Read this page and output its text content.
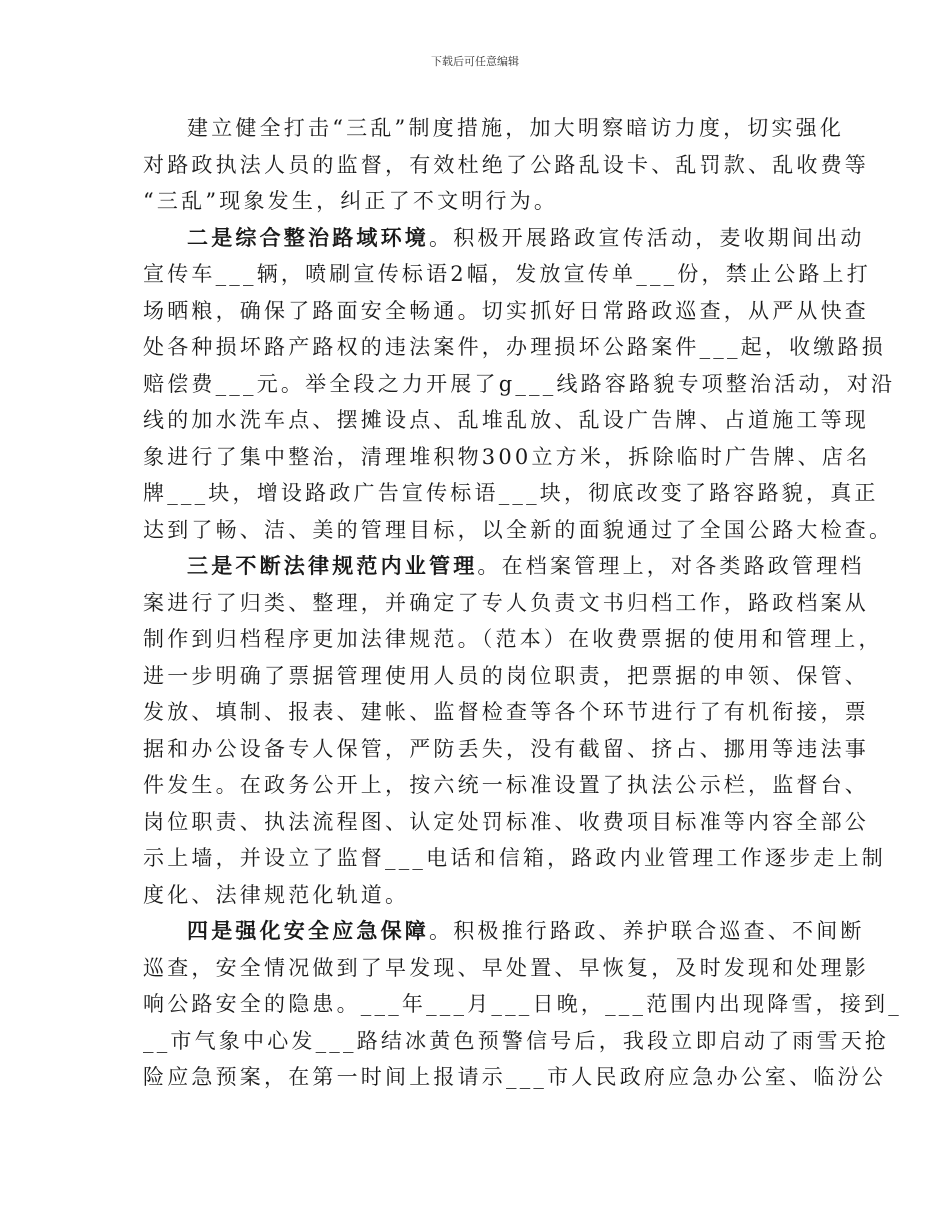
下载后可任意编辑
建立健全打击“三乱”制度措施，加大明察暗访力度，切实强化
对路政执法人员的监督，有效杜绝了公路乱设卡、乱罚款、乱收费等
“三乱”现象发生，纠正了不文明行为。
二是综合整治路域环境。积极开展路政宣传活动，麦收期间出动
宣传车___辆，喷刷宣传标语2幅，发放宣传单___份，禁止公路上打
场晒粮，确保了路面安全畅通。切实抓好日常路政巡查，从严从快查
处各种损坏路产路权的违法案件，办理损坏公路案件___起，收缴路损
赔偿费___元。举全段之力开展了g___线路容路貌专项整治活动，对沿
线的加水洗车点、摆摊设点、乱堆乱放、乱设广告牌、占道施工等现
象进行了集中整治，清理堆积物300立方米，拆除临时广告牌、店名
牌___块，增设路政广告宣传标语___块，彻底改变了路容路貌，真正
达到了畅、洁、美的管理目标，以全新的面貌通过了全国公路大检查。
三是不断法律规范内业管理。在档案管理上，对各类路政管理档
案进行了归类、整理，并确定了专人负责文书归档工作，路政档案从
制作到归档程序更加法律规范。（范本）在收费票据的使用和管理上，
进一步明确了票据管理使用人员的岗位职责，把票据的申领、保管、
发放、填制、报表、建帐、监督检查等各个环节进行了有机衔接，票
据和办公设备专人保管，严防丢失，没有截留、挤占、挪用等违法事
件发生。在政务公开上，按六统一标准设置了执法公示栏，监督台、
岗位职责、执法流程图、认定处罚标准、收费项目标准等内容全部公
示上墙，并设立了监督___电话和信箱，路政内业管理工作逐步走上制
度化、法律规范化轨道。
四是强化安全应急保障。积极推行路政、养护联合巡查、不间断
巡查，安全情况做到了早发现、早处置、早恢复，及时发现和处理影
响公路安全的隐患。___年___月___日晚，___范围内出现降雪，接到_
__市气象中心发___路结冰黄色预警信号后，我段立即启动了雨雪天抢
险应急预案，在第一时间上报请示___市人民政府应急办公室、临汾公
